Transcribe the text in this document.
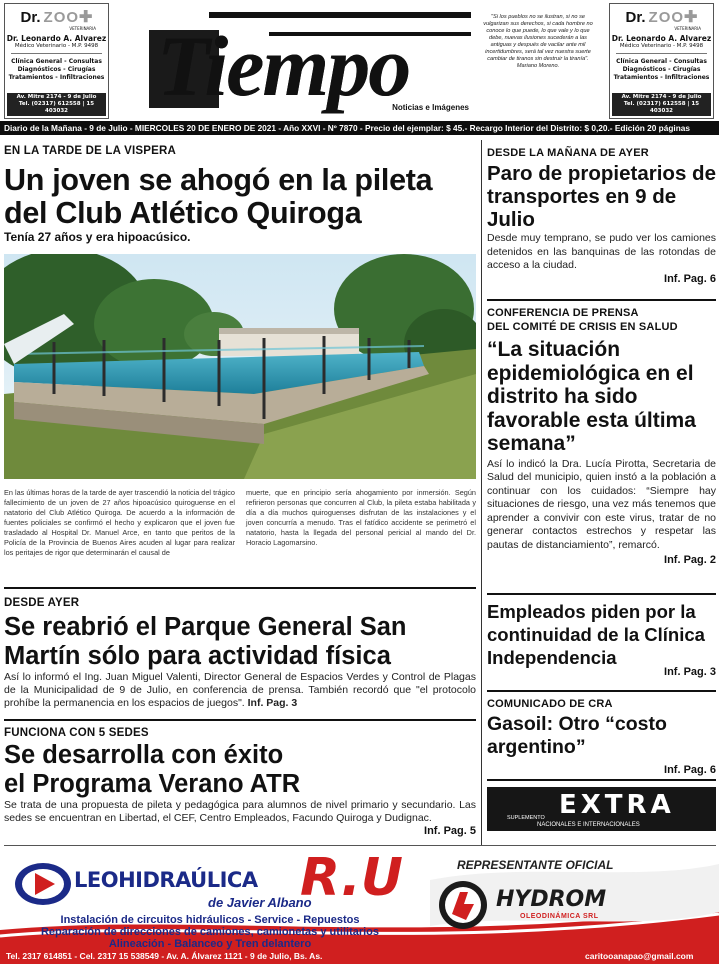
Dr. ZOO ✚
VETERINARIA
Dr. Leonardo A. Alvarez
Médico Veterinario - M.P. 9498
Clínica General - Consultas
Diagnósticos - Cirugías
Tratamientos - Infiltraciones
Av. Mitre 2174 - 9 de Julio
Tel. (02317) 612558 | 15 403032
Dr. ZOO ✚
VETERINARIA
Dr. Leonardo A. Alvarez
Médico Veterinario - M.P. 9498
Clínica General - Consultas
Diagnósticos - Cirugías
Tratamientos - Infiltraciones
Av. Mitre 2174 - 9 de Julio
Tel. (02317) 612558 | 15 403032
Tiempo
Noticias e Imágenes
"Si los pueblos no se ilustran, si no se vulgarizan sus derechos, si cada hombre no conoce lo que puede, lo que vale y lo que debe, nuevas ilusiones sucederán a las antiguas y después de vacilar ante mil incertidumbres, será tal vez nuestra suerte cambiar de tiranos sin destruir la tiranía". Mariano Moreno.
Diario de la Mañana - 9 de Julio - MIERCOLES 20 DE ENERO DE 2021 - Año XXVI - Nº 7870 - Precio del ejemplar: $ 45.- Recargo Interior del Distrito: $ 0,20.- Edición 20 páginas
EN LA TARDE DE LA VISPERA
Un joven se ahogó en la pileta
del Club Atlético Quiroga
Tenía 27 años y era hipoacúsico.
En las últimas horas de la tarde de ayer trascendió la noticia del trágico fallecimiento de un joven de 27 años hipoacúsico quiroguense en el natatorio del Club Atlético Quiroga. De acuerdo a la información de fuentes policiales se confirmó el hecho y explicaron que el joven fue trasladado al Hospital Dr. Manuel Arce, en tanto que peritos de la Policía de la Provincia de Buenos Aires acuden al lugar para realizar los peritajes de rigor que determinarán el causal de
muerte, que en principio sería ahogamiento por inmersión. Según refirieron personas que concurren al Club, la pileta estaba habilitada y día a día muchos quiroguenses disfrutan de las instalaciones y el joven concurría a menudo. Tras el fatídico accidente se perimetró el natatorio, hasta la llegada del personal pericial al mando del Dr. Horacio Lagomarsino.
DESDE AYER
Se reabrió el Parque General San
Martín sólo para actividad física
Así lo informó el Ing. Juan Miguel Valenti, Director General de Espacios Verdes y Control de Plagas de la Municipalidad de 9 de Julio, en conferencia de prensa. También recordó que "el protocolo prohíbe la permanencia en los espacios de juegos". Inf. Pag. 3
FUNCIONA CON 5 SEDES
Se desarrolla con éxito
el Programa Verano ATR
Se trata de una propuesta de pileta y pedagógica para alumnos de nivel primario y secundario. Las sedes se encuentran en Libertad, el CEF, Centro Empleados, Facundo Quiroga y Dudignac.
Inf. Pag. 5
DESDE LA MAÑANA DE AYER
Paro de propietarios de transportes en 9 de Julio
Desde muy temprano, se pudo ver los camiones detenidos en las banquinas de las rotondas de acceso a la ciudad.
Inf. Pag. 6
CONFERENCIA DE PRENSA
DEL COMITÉ DE CRISIS EN SALUD
“La situación epidemiológica en el distrito ha sido favorable esta última semana”
Así lo indicó la Dra. Lucía Pirotta, Secretaria de Salud del municipio, quien instó a la población a continuar con los cuidados: “Siempre hay situaciones de riesgo, una vez más tenemos que aprender a convivir con este virus, tratar de no generar contactos estrechos y respetar las pautas de distanciamiento”, remarcó.
Inf. Pag. 2
Empleados piden por la continuidad de la Clínica Independencia
Inf. Pag. 3
COMUNICADO DE CRA
Gasoil: Otro “costo argentino”
Inf. Pag. 6
SUPLEMENTO EXTRA
NACIONALES E INTERNACIONALES
LEOHIDRAÚLICA R.U
de Javier Albano
REPRESENTANTE OFICIAL
HYDROM
OLEODINÁMICA SRL
Instalación de circuitos hidráulicos - Service - Repuestos
Reparación de direcciones de camiones, camionetas y utilitarios
Alineación - Balanceo y Tren delantero
Tel. 2317 614851 - Cel. 2317 15 538549 - Av. A. Álvarez 1121 - 9 de Julio, Bs. As.	caritooanapao@gmail.com
